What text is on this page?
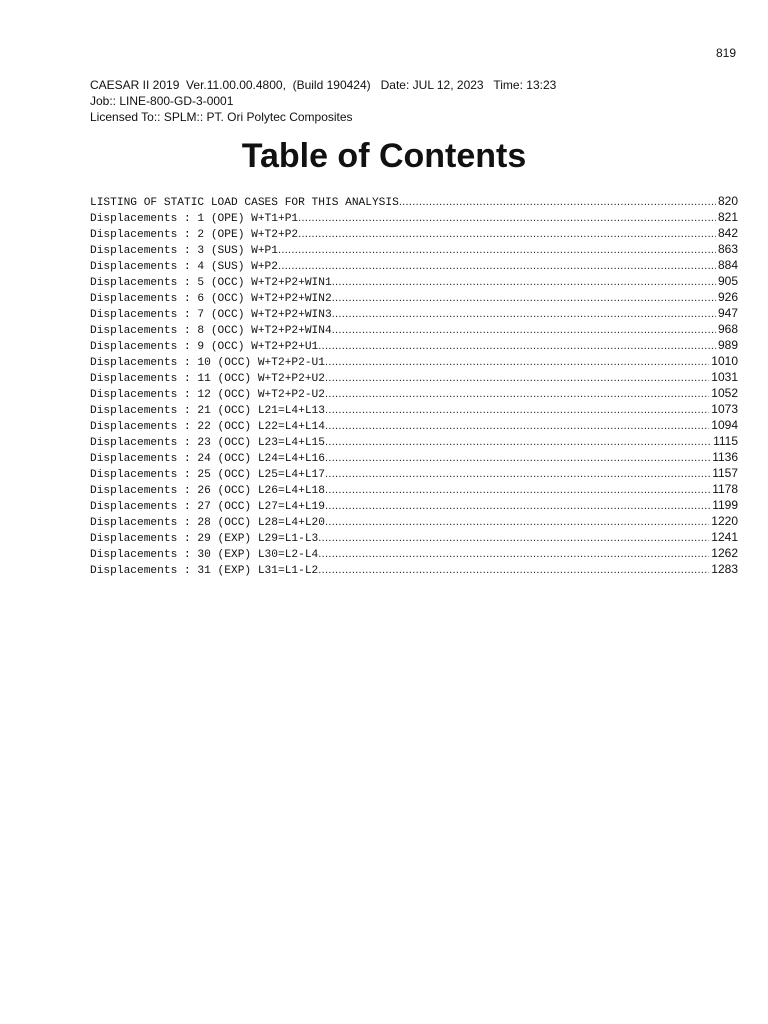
819
CAESAR II 2019  Ver.11.00.00.4800,  (Build 190424)   Date: JUL 12, 2023   Time: 13:23
Job:: LINE-800-GD-3-0001
Licensed To:: SPLM:: PT. Ori Polytec Composites
Table of Contents
LISTING OF STATIC LOAD CASES FOR THIS ANALYSIS .....	820
Displacements : 1 (OPE) W+T1+P1 .....	821
Displacements : 2 (OPE) W+T2+P2 .....	842
Displacements : 3 (SUS) W+P1 .....	863
Displacements : 4 (SUS) W+P2 .....	884
Displacements : 5 (OCC) W+T2+P2+WIN1 .....	905
Displacements : 6 (OCC) W+T2+P2+WIN2 .....	926
Displacements : 7 (OCC) W+T2+P2+WIN3 .....	947
Displacements : 8 (OCC) W+T2+P2+WIN4 .....	968
Displacements : 9 (OCC) W+T2+P2+U1 .....	989
Displacements : 10 (OCC) W+T2+P2-U1 .....	1010
Displacements : 11 (OCC) W+T2+P2+U2 .....	1031
Displacements : 12 (OCC) W+T2+P2-U2 .....	1052
Displacements : 21 (OCC) L21=L4+L13 .....	1073
Displacements : 22 (OCC) L22=L4+L14 .....	1094
Displacements : 23 (OCC) L23=L4+L15 .....	1115
Displacements : 24 (OCC) L24=L4+L16 .....	1136
Displacements : 25 (OCC) L25=L4+L17 .....	1157
Displacements : 26 (OCC) L26=L4+L18 .....	1178
Displacements : 27 (OCC) L27=L4+L19 .....	1199
Displacements : 28 (OCC) L28=L4+L20 .....	1220
Displacements : 29 (EXP) L29=L1-L3 .....	1241
Displacements : 30 (EXP) L30=L2-L4 .....	1262
Displacements : 31 (EXP) L31=L1-L2 .....	1283
